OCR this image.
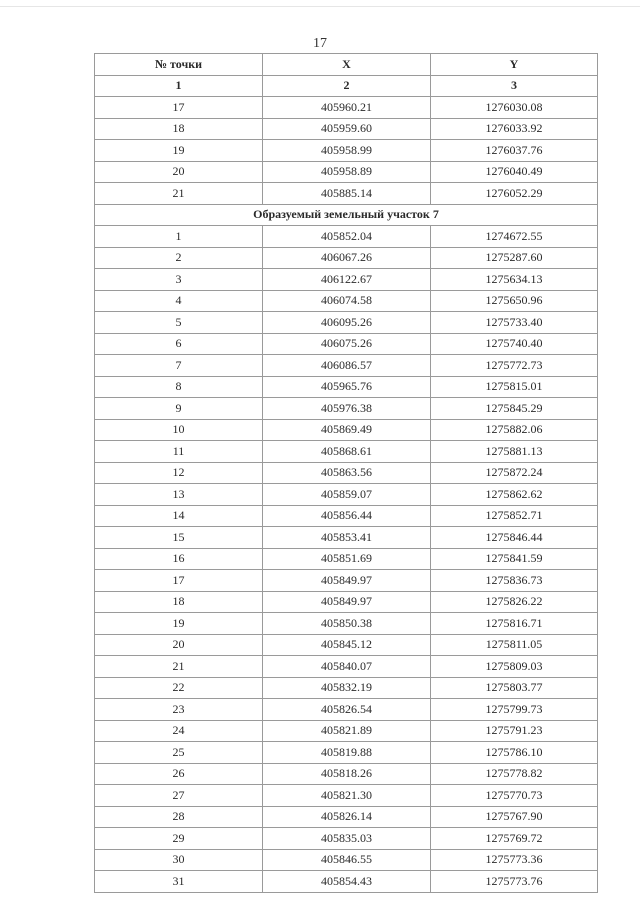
17
№ точки	X	Y
1	2	3
17	405960.21	1276030.08
18	405959.60	1276033.92
19	405958.99	1276037.76
20	405958.89	1276040.49
21	405885.14	1276052.29
Образуемый земельный участок 7		
1	405852.04	1274672.55
2	406067.26	1275287.60
3	406122.67	1275634.13
4	406074.58	1275650.96
5	406095.26	1275733.40
6	406075.26	1275740.40
7	406086.57	1275772.73
8	405965.76	1275815.01
9	405976.38	1275845.29
10	405869.49	1275882.06
11	405868.61	1275881.13
12	405863.56	1275872.24
13	405859.07	1275862.62
14	405856.44	1275852.71
15	405853.41	1275846.44
16	405851.69	1275841.59
17	405849.97	1275836.73
18	405849.97	1275826.22
19	405850.38	1275816.71
20	405845.12	1275811.05
21	405840.07	1275809.03
22	405832.19	1275803.77
23	405826.54	1275799.73
24	405821.89	1275791.23
25	405819.88	1275786.10
26	405818.26	1275778.82
27	405821.30	1275770.73
28	405826.14	1275767.90
29	405835.03	1275769.72
30	405846.55	1275773.36
31	405854.43	1275773.76
